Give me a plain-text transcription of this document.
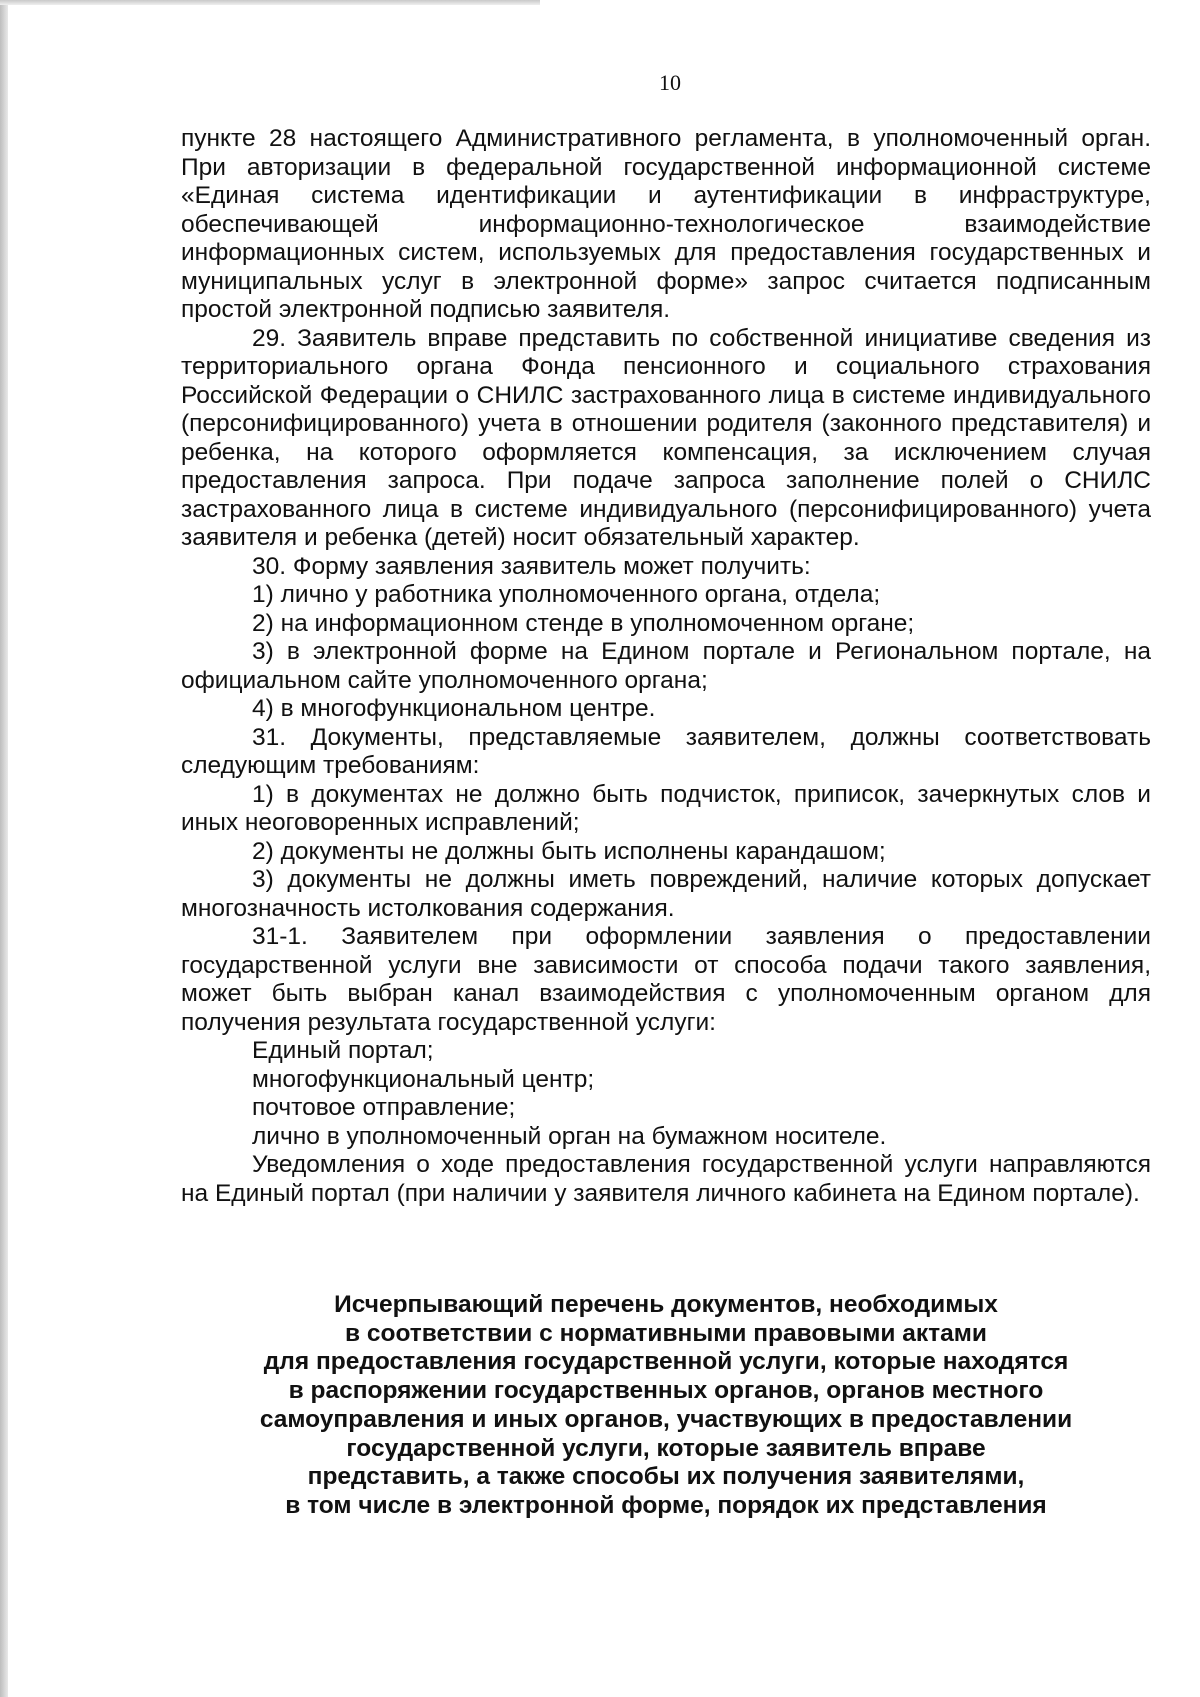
10

пункте 28 настоящего Административного регламента, в уполномоченный орган. При авторизации в федеральной государственной информационной системе «Единая система идентификации и аутентификации в инфраструктуре, обеспечивающей информационно-технологическое взаимодействие информационных систем, используемых для предоставления государственных и муниципальных услуг в электронной форме» запрос считается подписанным простой электронной подписью заявителя.

29. Заявитель вправе представить по собственной инициативе сведения из территориального органа Фонда пенсионного и социального страхования Российской Федерации о СНИЛС застрахованного лица в системе индивидуального (персонифицированного) учета в отношении родителя (законного представителя) и ребенка, на которого оформляется компенсация, за исключением случая предоставления запроса. При подаче запроса заполнение полей о СНИЛС застрахованного лица в системе индивидуального (персонифицированного) учета заявителя и ребенка (детей) носит обязательный характер.

30. Форму заявления заявитель может получить:

1) лично у работника уполномоченного органа, отдела;

2) на информационном стенде в уполномоченном органе;

3) в электронной форме на Едином портале и Региональном портале, на официальном сайте уполномоченного органа;

4) в многофункциональном центре.

31. Документы, представляемые заявителем, должны соответствовать следующим требованиям:

1) в документах не должно быть подчисток, приписок, зачеркнутых слов и иных неоговоренных исправлений;

2) документы не должны быть исполнены карандашом;

3) документы не должны иметь повреждений, наличие которых допускает многозначность истолкования содержания.

31-1. Заявителем при оформлении заявления о предоставлении государственной услуги вне зависимости от способа подачи такого заявления, может быть выбран канал взаимодействия с уполномоченным органом для получения результата государственной услуги:

Единый портал;

многофункциональный центр;

почтовое отправление;

лично в уполномоченный орган на бумажном носителе.

Уведомления о ходе предоставления государственной услуги направляются на Единый портал (при наличии у заявителя личного кабинета на Едином портале).

Исчерпывающий перечень документов, необходимых
в соответствии с нормативными правовыми актами
для предоставления государственной услуги, которые находятся
в распоряжении государственных органов, органов местного
самоуправления и иных органов, участвующих в предоставлении
государственной услуги, которые заявитель вправе
представить, а также способы их получения заявителями,
в том числе в электронной форме, порядок их представления
